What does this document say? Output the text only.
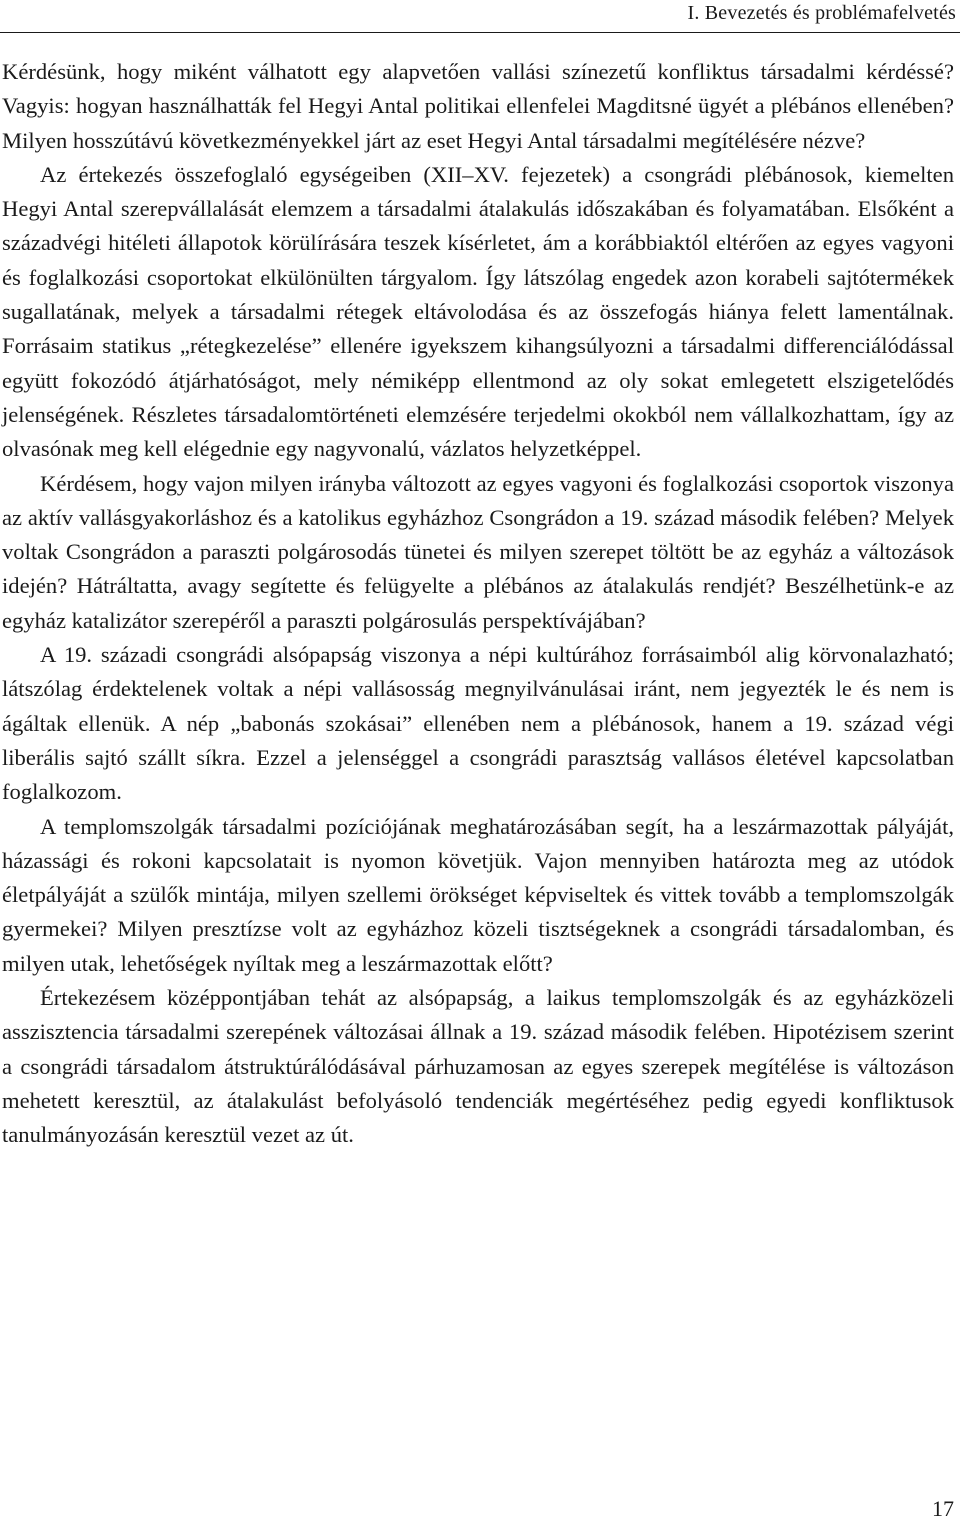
I. Bevezetés és problémafelvetés

Kérdésünk, hogy miként válhatott egy alapvetően vallási színezetű konfliktus társadalmi kérdéssé? Vagyis: hogyan használhatták fel Hegyi Antal politikai ellenfelei Magditsné ügyét a plébános ellenében? Milyen hosszútávú következményekkel járt az eset Hegyi Antal társadalmi megítélésére nézve?

Az értekezés összefoglaló egységeiben (XII–XV. fejezetek) a csongrádi plébánosok, kiemelten Hegyi Antal szerepvállalását elemzem a társadalmi átalakulás időszakában és folyamatában. Elsőként a századvégi hitéleti állapotok körülírására teszek kísérletet, ám a korábbiaktól eltérően az egyes vagyoni és foglalkozási csoportokat elkülönülten tárgyalom. Így látszólag engedek azon korabeli sajtótermékek sugallatának, melyek a társadalmi rétegek eltávolodása és az összefogás hiánya felett lamentálnak. Forrásaim statikus „rétegkezelése” ellenére igyekszem kihangsúlyozni a társadalmi differenciálódással együtt fokozódó átjárhatóságot, mely némiképp ellentmond az oly sokat emlegetett elszigetelődés jelenségének. Részletes társadalomtörténeti elemzésére terjedelmi okokból nem vállalkozhattam, így az olvasónak meg kell elégednie egy nagyvonalú, vázlatos helyzetképpel.

Kérdésem, hogy vajon milyen irányba változott az egyes vagyoni és foglalkozási csoportok viszonya az aktív vallásgyakorláshoz és a katolikus egyházhoz Csongrádon a 19. század második felében? Melyek voltak Csongrádon a paraszti polgárosodás tünetei és milyen szerepet töltött be az egyház a változások idején? Hátráltatta, avagy segítette és felügyelte a plébános az átalakulás rendjét? Beszélhetünk-e az egyház katalizátor szerepéről a paraszti polgárosulás perspektívájában?

A 19. századi csongrádi alsópapság viszonya a népi kultúrához forrásaimból alig körvonalazható; látszólag érdektelenek voltak a népi vallásosság megnyilvánulásai iránt, nem jegyezték le és nem is ágáltak ellenük. A nép „babonás szokásai” ellenében nem a plébánosok, hanem a 19. század végi liberális sajtó szállt síkra. Ezzel a jelenséggel a csongrádi parasztság vallásos életével kapcsolatban foglalkozom.

A templomszolgák társadalmi pozíciójának meghatározásában segít, ha a leszármazottak pályáját, házassági és rokoni kapcsolatait is nyomon követjük. Vajon mennyiben határozta meg az utódok életpályáját a szülők mintája, milyen szellemi örökséget képviseltek és vittek tovább a templomszolgák gyermekei? Milyen presztízse volt az egyházhoz közeli tisztségeknek a csongrádi társadalomban, és milyen utak, lehetőségek nyíltak meg a leszármazottak előtt?

Értekezésem középpontjában tehát az alsópapság, a laikus templomszolgák és az egyházközeli asszisztencia társadalmi szerepének változásai állnak a 19. század második felében. Hipotézisem szerint a csongrádi társadalom átstruktúrálódásával párhuzamosan az egyes szerepek megítélése is változáson mehetett keresztül, az átalakulást befolyásoló tendenciák megértéséhez pedig egyedi konfliktusok tanulmányozásán keresztül vezet az út.

17
